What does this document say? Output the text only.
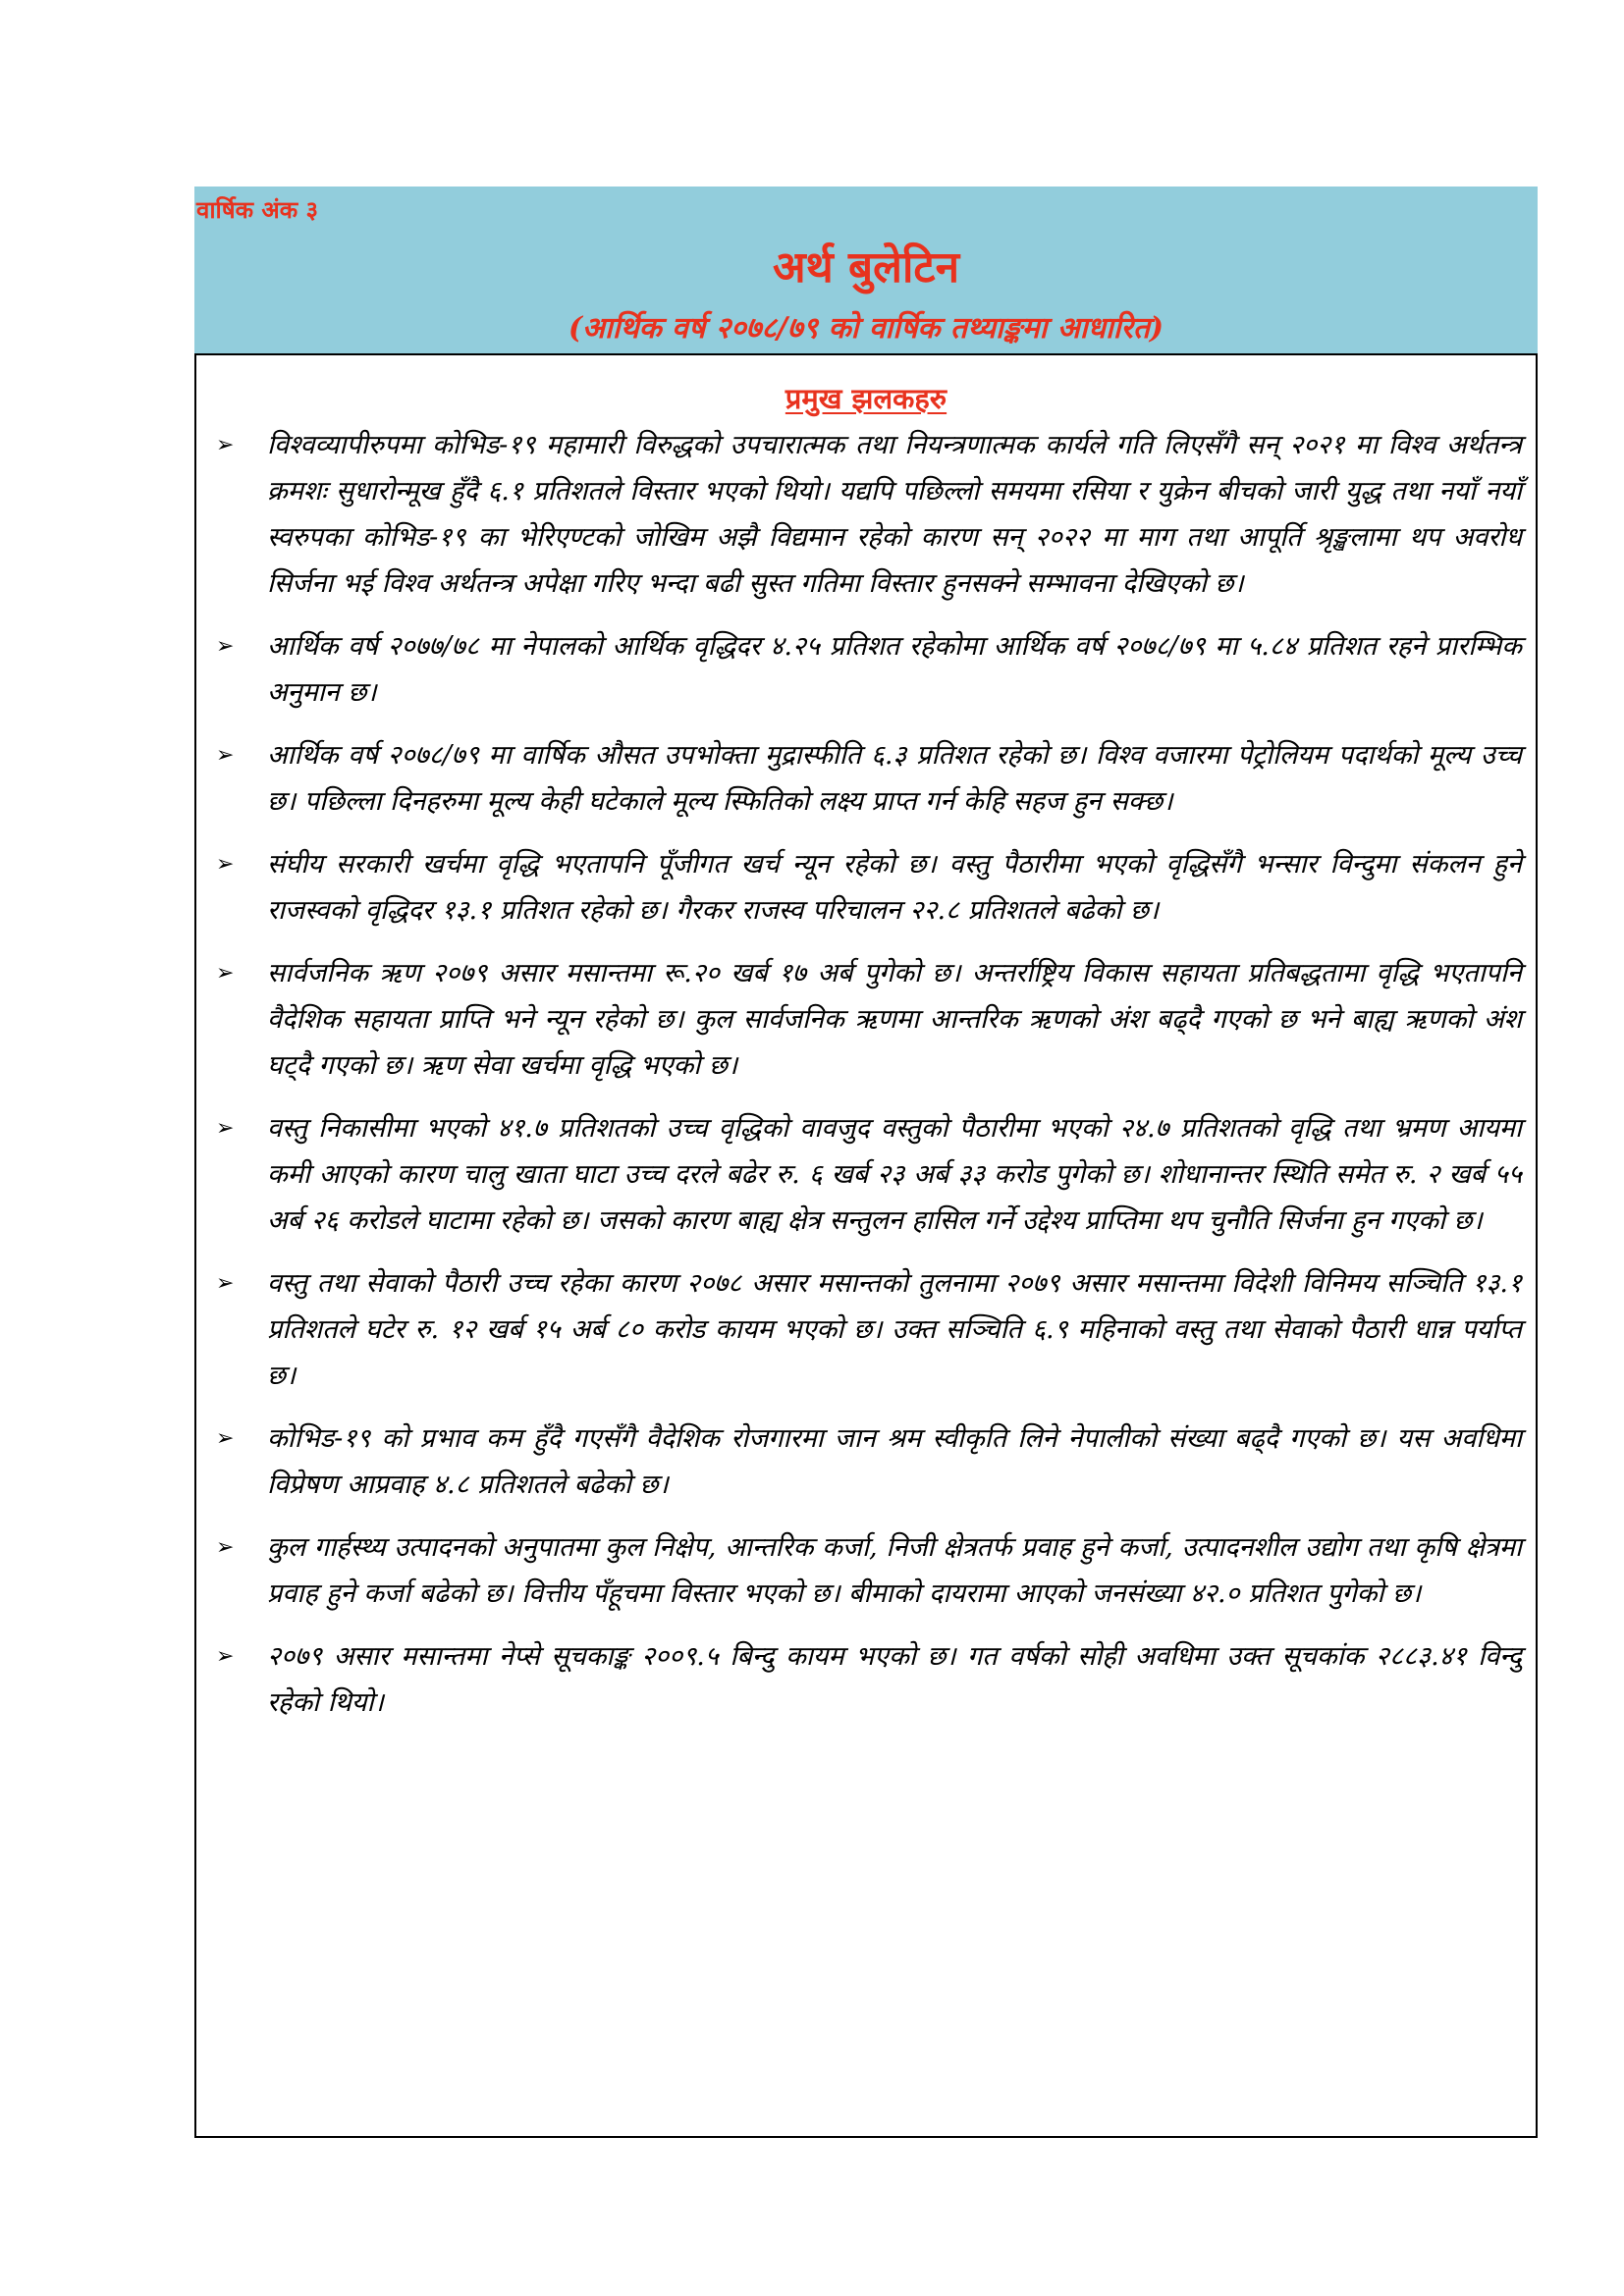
वार्षिक अंक ३
अर्थ बुलेटिन
(आर्थिक वर्ष २०७८/७९ को वार्षिक तथ्याङ्कमा आधारित)
प्रमुख झलकहरु
➢	विश्वव्यापीरुपमा कोभिड-१९ महामारी विरुद्धको उपचारात्मक तथा नियन्त्रणात्मक कार्यले गति लिएसँगै सन् २०२१ मा विश्व अर्थतन्त्र क्रमशः सुधारोन्मूख हुँदै ६.१ प्रतिशतले विस्तार भएको थियो। यद्यपि पछिल्लो समयमा रसिया र युक्रेन बीचको जारी युद्ध तथा नयाँ नयाँ स्वरुपका कोभिड-१९ का भेरिएण्टको जोखिम अझै विद्यमान रहेको कारण सन् २०२२ मा माग तथा आपूर्ति श्रृङ्खलामा थप अवरोध सिर्जना भई विश्व अर्थतन्त्र अपेक्षा गरिए भन्दा बढी सुस्त गतिमा विस्तार हुनसक्ने सम्भावना देखिएको छ।
➢	आर्थिक वर्ष २०७७/७८ मा नेपालको आर्थिक वृद्धिदर ४.२५ प्रतिशत रहेकोमा आर्थिक वर्ष २०७८/७९ मा ५.८४ प्रतिशत रहने प्रारम्भिक अनुमान छ।
➢	आर्थिक वर्ष २०७८/७९ मा वार्षिक औसत उपभोक्ता मुद्रास्फीति ६.३ प्रतिशत रहेको छ। विश्व वजारमा पेट्रोलियम पदार्थको मूल्य उच्च छ। पछिल्ला दिनहरुमा मूल्य केही घटेकाले मूल्य स्फिति‍को लक्ष्य प्राप्त गर्न केहि सहज हुन सक्छ।
➢	संघीय सरकारी खर्चमा वृद्धि भएतापनि पूँजीगत खर्च न्यून रहेको छ। वस्तु पैठारीमा भएको वृद्धिसँगै भन्सार विन्दुमा संकलन हुने राजस्वको वृद्धिदर १३.१ प्रतिशत रहेको छ। गैरकर राजस्व परिचालन २२.८ प्रतिशतले बढेको छ।
➢	सार्वजनिक ऋण २०७९ असार मसान्तमा रू.२० खर्ब १७ अर्ब पुगेको छ। अन्तर्राष्ट्रिय विकास सहायता प्रतिबद्धतामा वृद्धि भएतापनि वैदेशिक सहायता प्राप्ति भने न्यून रहेको छ। कुल सार्वजनिक ऋणमा आन्तरिक ऋणको अंश बढ्दै गएको छ भने बाह्य ऋणको अंश घट्दै गएको छ। ऋण सेवा खर्चमा वृद्धि भएको छ।
➢	वस्तु निकासीमा भएको ४१.७ प्रतिशतको उच्च वृद्धिको वावजुद वस्तुको पैठारीमा भएको २४.७ प्रतिशतको वृद्धि तथा भ्रमण आयमा कमी आएको कारण चालु खाता घाटा उच्च दरले बढेर रु. ६ खर्ब २३ अर्ब ३३ करोड पुगेको छ। शोधानान्तर स्थिति समेत रु. २ खर्ब ५५ अर्ब २६ करोडले घाटामा रहेको छ। जसको कारण बाह्य क्षेत्र सन्तुलन हासिल गर्ने उद्देश्य प्राप्तिमा थप चुनौति सिर्जना हुन गएको छ।
➢	वस्तु तथा सेवाको पैठारी उच्च रहेका कारण २०७८ असार मसान्तको तुलनामा २०७९ असार मसान्तमा विदेशी विनिमय सञ्चिति १३.१ प्रतिशतले घटेर रु. १२ खर्ब १५ अर्ब ८० करोड कायम भएको छ। उक्त सञ्चिति ६.९ महिनाको वस्तु तथा सेवाको पैठारी धान्न पर्याप्त छ।
➢	कोभिड-१९ को प्रभाव कम हुँदै गएसँगै वैदेशिक रोजगारमा जान श्रम स्वीकृति लिने नेपालीको संख्या बढ्दै गएको छ। यस अवधिमा विप्रेषण आप्रवाह ४.८ प्रतिशतले बढेको छ।
➢	कुल गार्हस्थ्य उत्पादनको अनुपातमा कुल निक्षेप, आन्तरिक कर्जा, निजी क्षेत्रतर्फ प्रवाह हुने कर्जा, उत्पादनशील उद्योग तथा कृषि क्षेत्रमा प्रवाह हुने कर्जा बढेको छ। वित्तीय पँहूचमा विस्तार भएको छ। बीमाको दायरामा आएको जनसंख्या ४२.० प्रतिशत पुगेको छ।
➢	२०७९ असार मसान्तमा नेप्से सूचकाङ्क २००९.५ बिन्दु कायम भएको छ। गत वर्षको सोही अवधिमा उक्त सूचकांक २८८३.४१ विन्दु रहेको थियो।
